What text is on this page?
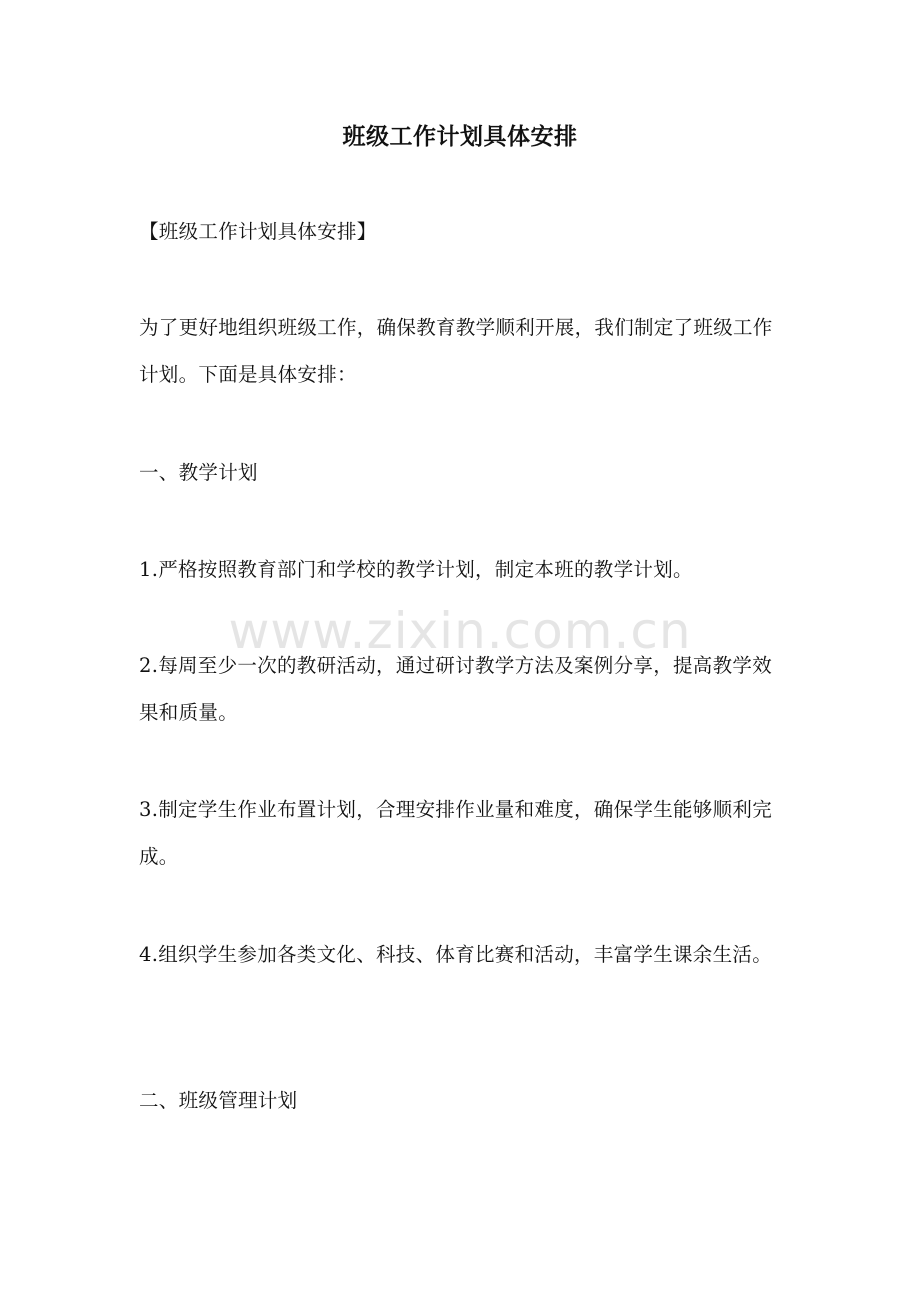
班级工作计划具体安排

【班级工作计划具体安排】

为了更好地组织班级工作，确保教育教学顺利开展，我们制定了班级工作计划。下面是具体安排：

一、教学计划

1.严格按照教育部门和学校的教学计划，制定本班的教学计划。

2.每周至少一次的教研活动，通过研讨教学方法及案例分享，提高教学效果和质量。

3.制定学生作业布置计划，合理安排作业量和难度，确保学生能够顺利完成。

4.组织学生参加各类文化、科技、体育比赛和活动，丰富学生课余生活。

二、班级管理计划

www.zixin.com.cn
